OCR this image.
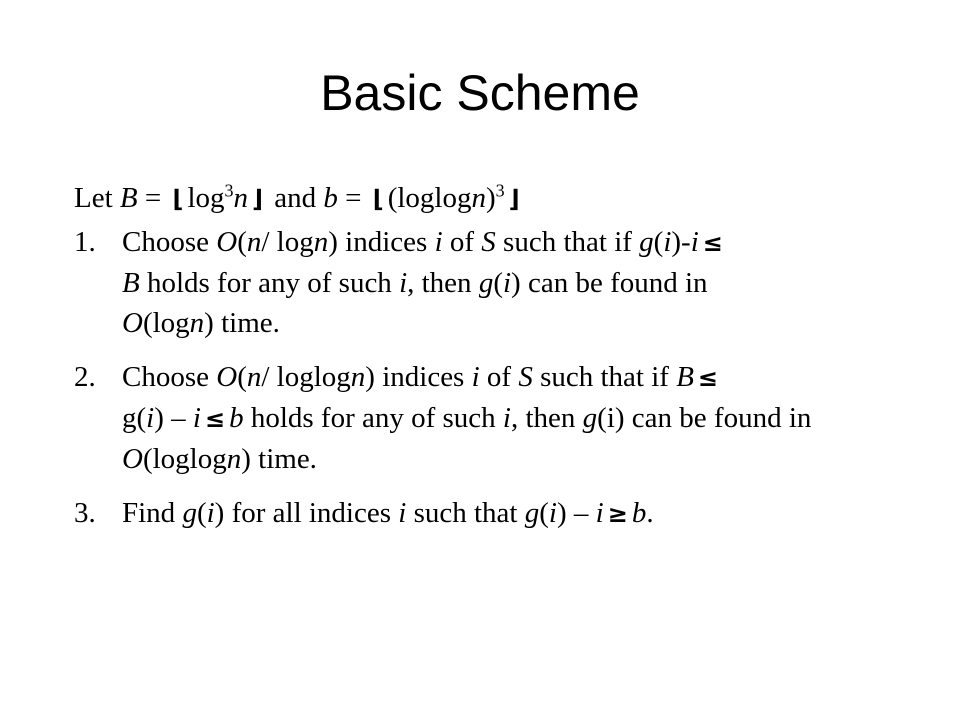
Basic Scheme
Let B = ⌊ $\log^3n$ ⌋ and b = ⌊ $(loglogn)^3$ ⌋
1. Choose O(n/ logn) indices i of S such that if g(i)-i ≤
B holds for any of such i, then g(i) can be found in
O(logn) time.
2. Choose O(n/ loglogn) indices i of S such that if B ≤
g(i) – i ≤ b holds for any of such i, then g(i) can be found in
O(loglogn) time.
3. Find g(i) for all indices i such that g(i) – i ≥ b.
